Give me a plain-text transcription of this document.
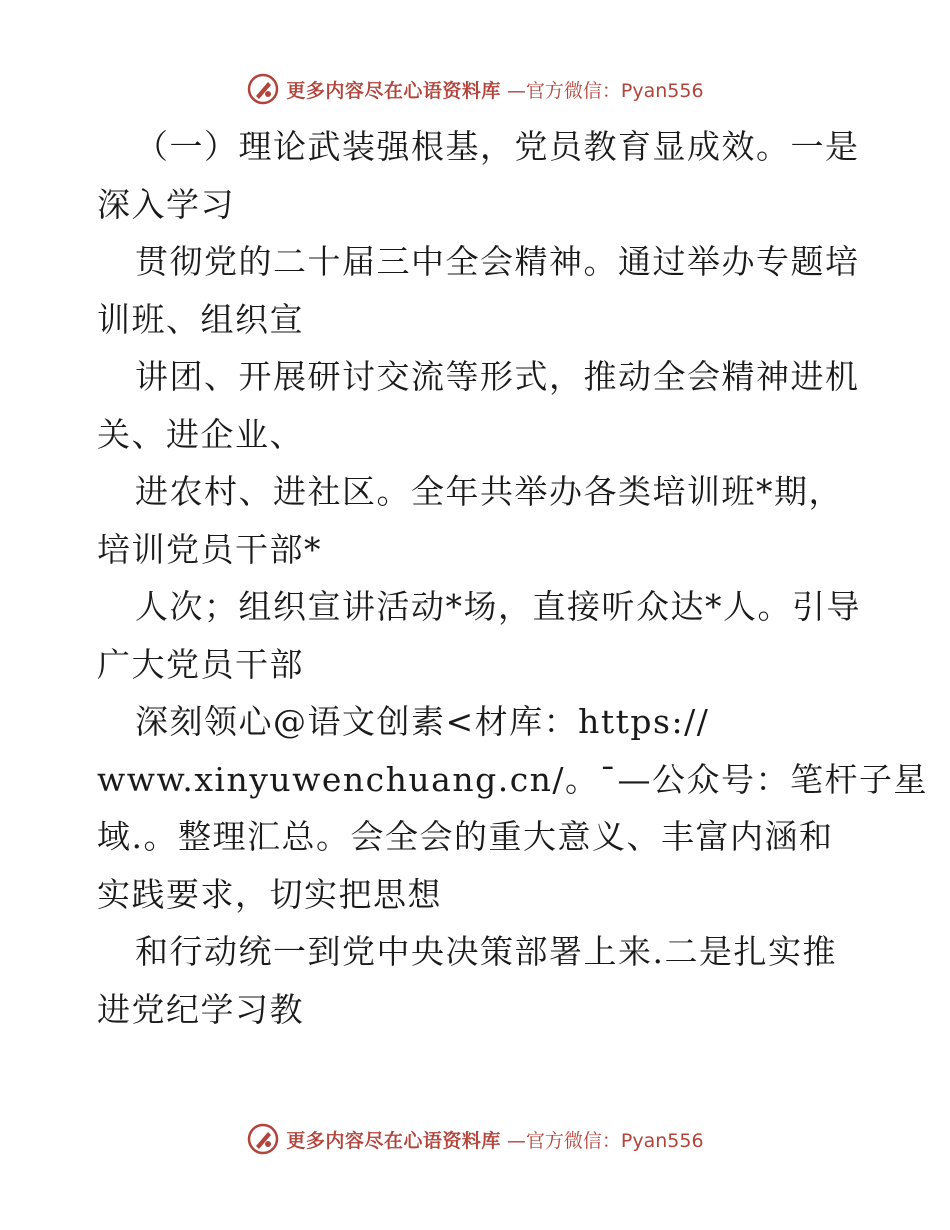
更多内容尽在心语资料库 —官方微信：Pyan556
（一）理论武装强根基，党员教育显成效。一是
深入学习
贯彻党的二十届三中全会精神。通过举办专题培
训班、组织宣
讲团、开展研讨交流等形式，推动全会精神进机
关、进企业、
进农村、进社区。全年共举办各类培训班*期，
培训党员干部*
人次；组织宣讲活动*场，直接听众达*人。引导
广大党员干部
深刻领心@语文创素<材库：https://
www.xinyuwenchuang.cn/。¯—公众号：笔杆子星
域.。整理汇总。会全会的重大意义、丰富内涵和
实践要求，切实把思想
和行动统一到党中央决策部署上来.二是扎实推
进党纪学习教
更多内容尽在心语资料库 —官方微信：Pyan556
